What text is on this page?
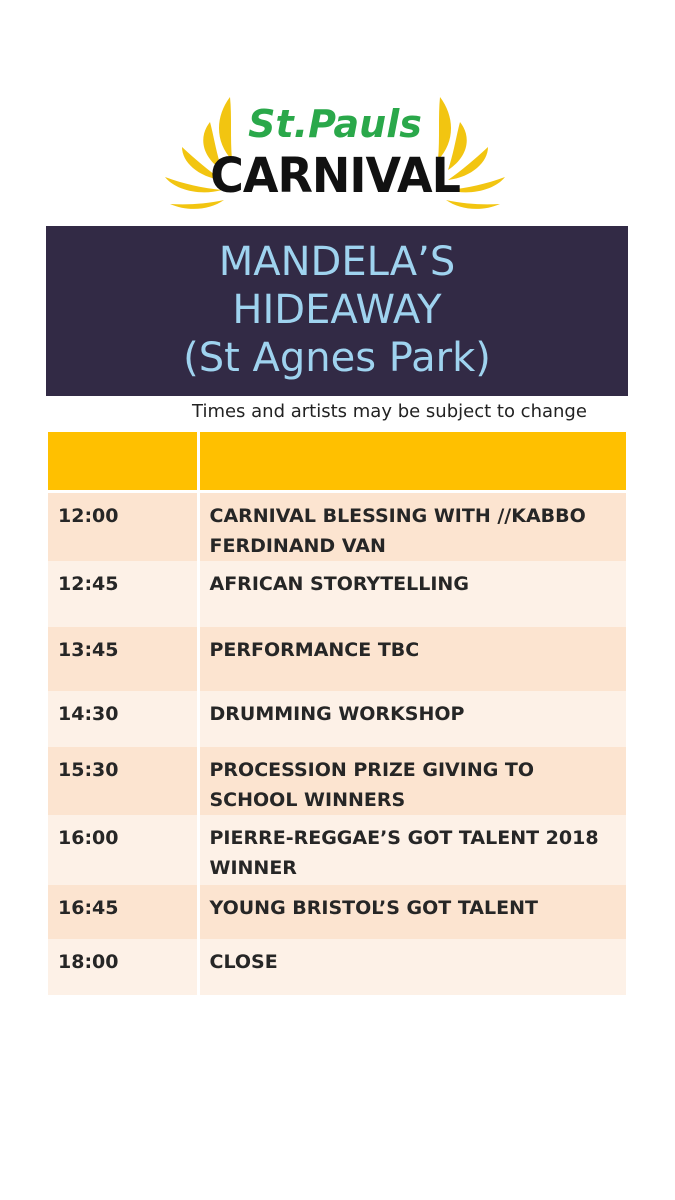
St.Pauls
CARNIVAL
MANDELA’S
HIDEAWAY
(St Agnes Park)
Times and artists may be subject to change

12:00	CARNIVAL BLESSING WITH //KABBO FERDINAND VAN
12:45	AFRICAN STORYTELLING
13:45	PERFORMANCE TBC
14:30	DRUMMING WORKSHOP
15:30	PROCESSION PRIZE GIVING TO SCHOOL WINNERS
16:00	PIERRE-REGGAE’S GOT TALENT 2018 WINNER
16:45	YOUNG BRISTOL’S GOT TALENT
18:00	CLOSE
